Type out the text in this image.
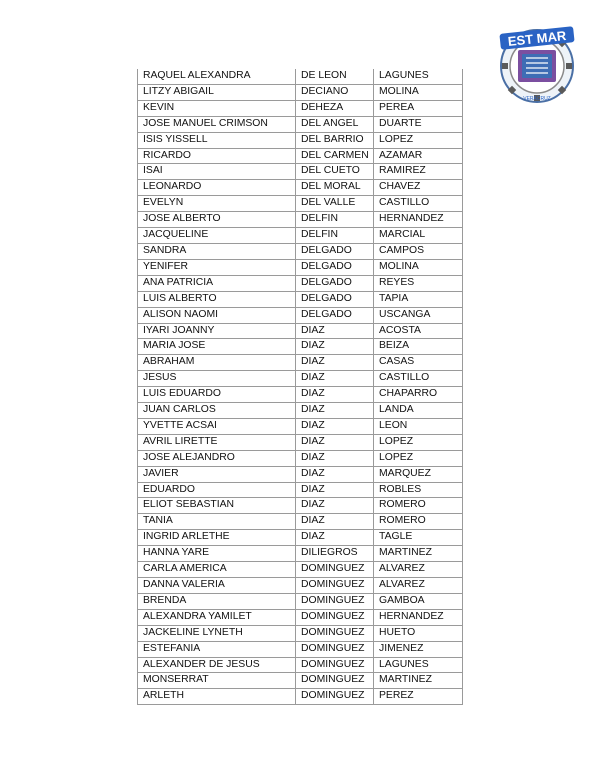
EST MAR
VERACRUZ
RAQUEL ALEXANDRA	DE LEON	LAGUNES
LITZY ABIGAIL	DECIANO	MOLINA
KEVIN	DEHEZA	PEREA
JOSE MANUEL CRIMSON	DEL ANGEL	DUARTE
ISIS YISSELL	DEL BARRIO	LOPEZ
RICARDO	DEL CARMEN	AZAMAR
ISAI	DEL CUETO	RAMIREZ
LEONARDO	DEL MORAL	CHAVEZ
EVELYN	DEL VALLE	CASTILLO
JOSE ALBERTO	DELFIN	HERNANDEZ
JACQUELINE	DELFIN	MARCIAL
SANDRA	DELGADO	CAMPOS
YENIFER	DELGADO	MOLINA
ANA PATRICIA	DELGADO	REYES
LUIS ALBERTO	DELGADO	TAPIA
ALISON NAOMI	DELGADO	USCANGA
IYARI JOANNY	DIAZ	ACOSTA
MARIA JOSE	DIAZ	BEIZA
ABRAHAM	DIAZ	CASAS
JESUS	DIAZ	CASTILLO
LUIS EDUARDO	DIAZ	CHAPARRO
JUAN CARLOS	DIAZ	LANDA
YVETTE ACSAI	DIAZ	LEON
AVRIL LIRETTE	DIAZ	LOPEZ
JOSE ALEJANDRO	DIAZ	LOPEZ
JAVIER	DIAZ	MARQUEZ
EDUARDO	DIAZ	ROBLES
ELIOT SEBASTIAN	DIAZ	ROMERO
TANIA	DIAZ	ROMERO
INGRID ARLETHE	DIAZ	TAGLE
HANNA YARE	DILIEGROS	MARTINEZ
CARLA AMERICA	DOMINGUEZ	ALVAREZ
DANNA VALERIA	DOMINGUEZ	ALVAREZ
BRENDA	DOMINGUEZ	GAMBOA
ALEXANDRA YAMILET	DOMINGUEZ	HERNANDEZ
JACKELINE LYNETH	DOMINGUEZ	HUETO
ESTEFANIA	DOMINGUEZ	JIMENEZ
ALEXANDER DE JESUS	DOMINGUEZ	LAGUNES
MONSERRAT	DOMINGUEZ	MARTINEZ
ARLETH	DOMINGUEZ	PEREZ
